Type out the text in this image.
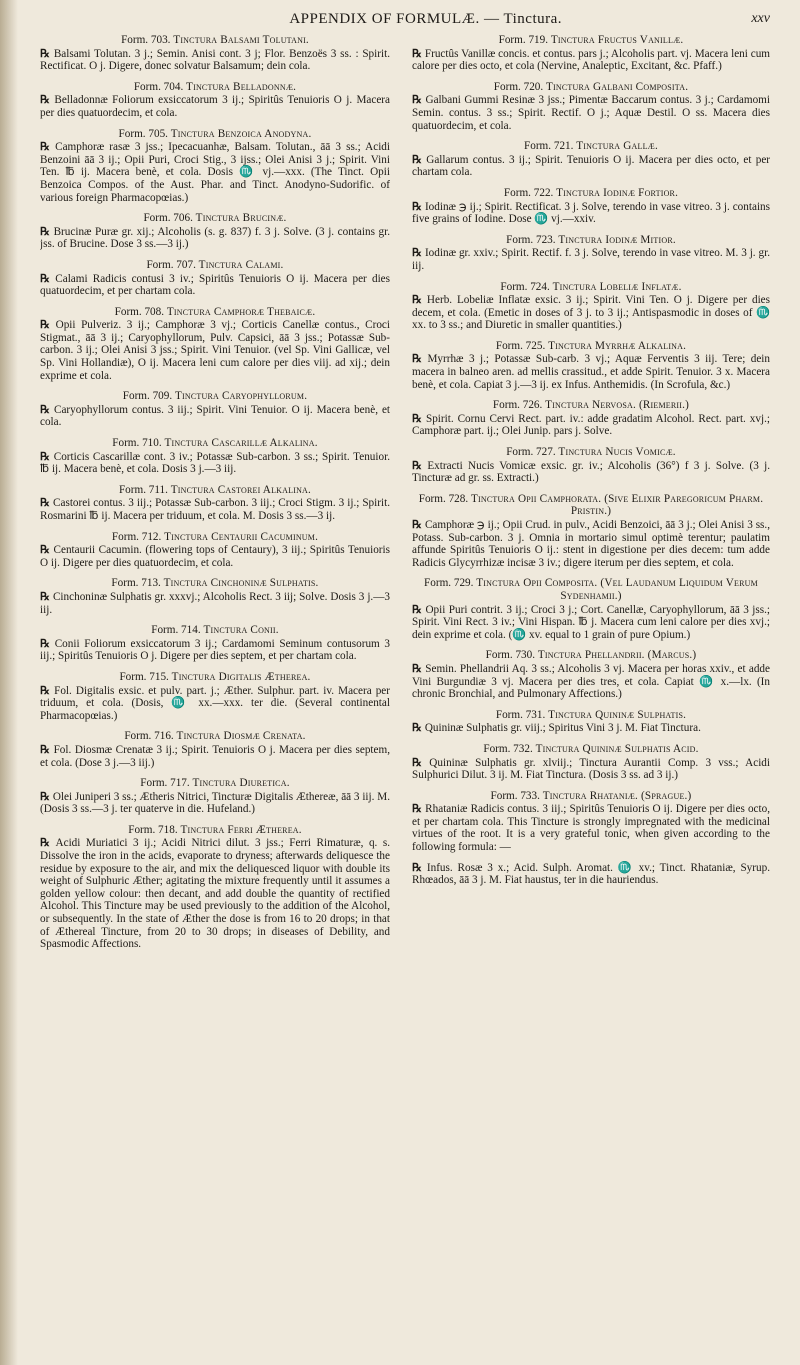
APPENDIX OF FORMULÆ. — Tinctura.	xxv
Form. 703. Tinctura Balsami Tolutani.
℞ Balsami Tolutan. 3 j.; Semin. Anisi cont. 3 j; Flor. Benzoës 3 ss. : Spirit. Rectificat. O j. Digere, donec solvatur Balsamum; dein cola.
Form. 704. Tinctura Belladonnæ.
℞ Belladonnæ Foliorum exsiccatorum 3 ij.; Spiritûs Tenuioris O j. Macera per dies quatuordecim, et cola.
Form. 705. Tinctura Benzoica Anodyna.
℞ Camphoræ rasæ 3 jss.; Ipecacuanhæ, Balsam. Tolutan., āā 3 ss.; Acidi Benzoini āā 3 ij.; Opii Puri, Croci Stig., 3 ijss.; Olei Anisi 3 j.; Spirit. Vini Ten. ℔ ij. Macera benè, et cola. Dosis ♏ vj.—xxx. (The Tinct. Opii Benzoica Compos. of the Aust. Phar. and Tinct. Anodyno-Sudorific. of various foreign Pharmacopœias.)
Form. 706. Tinctura Brucinæ.
℞ Brucinæ Puræ gr. xij.; Alcoholis (s. g. 837) f. 3 j. Solve. (3 j. contains gr. jss. of Brucine. Dose 3 ss.—3 ij.)
Form. 707. Tinctura Calami.
℞ Calami Radicis contusi 3 iv.; Spiritûs Tenuioris O ij. Macera per dies quatuordecim, et per chartam cola.
Form. 708. Tinctura Camphoræ Thebaicæ.
℞ Opii Pulveriz. 3 ij.; Camphoræ 3 vj.; Corticis Canellæ contus., Croci Stigmat., āā 3 ij.; Caryophyllorum, Pulv. Capsici, āā 3 jss.; Potassæ Sub-carbon. 3 ij.; Olei Anisi 3 jss.; Spirit. Vini Tenuior. (vel Sp. Vini Gallicæ, vel Sp. Vini Hollandiæ), O ij. Macera leni cum calore per dies viij. ad xij.; dein exprime et cola.
Form. 709. Tinctura Caryophyllorum.
℞ Caryophyllorum contus. 3 iij.; Spirit. Vini Tenuior. O ij. Macera benè, et cola.
Form. 710. Tinctura Cascarillæ Alkalina.
℞ Corticis Cascarillæ cont. 3 iv.; Potassæ Sub-carbon. 3 ss.; Spirit. Tenuior. ℔ ij. Macera benè, et cola. Dosis 3 j.—3 iij.
Form. 711. Tinctura Castorei Alkalina.
℞ Castorei contus. 3 iij.; Potassæ Sub-carbon. 3 iij.; Croci Stigm. 3 ij.; Spirit. Rosmarini ℔ ij. Macera per triduum, et cola. M. Dosis 3 ss.—3 ij.
Form. 712. Tinctura Centaurii Cacuminum.
℞ Centaurii Cacumin. (flowering tops of Centaury), 3 iij.; Spiritûs Tenuioris O ij. Digere per dies quatuordecim, et cola.
Form. 713. Tinctura Cinchoninæ Sulphatis.
℞ Cinchoninæ Sulphatis gr. xxxvj.; Alcoholis Rect. 3 iij; Solve. Dosis 3 j.—3 iij.
Form. 714. Tinctura Conii.
℞ Conii Foliorum exsiccatorum 3 ij.; Cardamomi Seminum contusorum 3 iij.; Spiritûs Tenuioris O j. Digere per dies septem, et per chartam cola.
Form. 715. Tinctura Digitalis Ætherea.
℞ Fol. Digitalis exsic. et pulv. part. j.; Æther. Sulphur. part. iv. Macera per triduum, et cola. (Dosis, ♏ xx.—xxx. ter die. (Several continental Pharmacopœias.)
Form. 716. Tinctura Diosmæ Crenata.
℞ Fol. Diosmæ Crenatæ 3 ij.; Spirit. Tenuioris O j. Macera per dies septem, et cola. (Dose 3 j.—3 iij.)
Form. 717. Tinctura Diuretica.
℞ Olei Juniperi 3 ss.; Ætheris Nitrici, Tincturæ Digitalis Æthereæ, āā 3 iij. M. (Dosis 3 ss.—3 j. ter quaterve in die. Hufeland.)
Form. 718. Tinctura Ferri Ætherea.
℞ Acidi Muriatici 3 ij.; Acidi Nitrici dilut. 3 jss.; Ferri Rimaturæ, q. s. Dissolve the iron in the acids, evaporate to dryness; afterwards deliquesce the residue by exposure to the air, and mix the deliquesced liquor with double its weight of Sulphuric Æther; agitating the mixture frequently until it assumes a golden yellow colour: then decant, and add double the quantity of rectified Alcohol. This Tincture may be used previously to the addition of the Alcohol, or subsequently. In the state of Æther the dose is from 16 to 20 drops; in that of Æthereal Tincture, from 20 to 30 drops; in diseases of Debility, and Spasmodic Affections.
Form. 719. Tinctura Fructus Vanillæ.
℞ Fructûs Vanillæ concis. et contus. pars j.; Alcoholis part. vj. Macera leni cum calore per dies octo, et cola (Nervine, Analeptic, Excitant, &c. Pfaff.)
Form. 720. Tinctura Galbani Composita.
℞ Galbani Gummi Resinæ 3 jss.; Pimentæ Baccarum contus. 3 j.; Cardamomi Semin. contus. 3 ss.; Spirit. Rectif. O j.; Aquæ Destil. O ss. Macera dies quatuordecim, et cola.
Form. 721. Tinctura Gallæ.
℞ Gallarum contus. 3 ij.; Spirit. Tenuioris O ij. Macera per dies octo, et per chartam cola.
Form. 722. Tinctura Iodinæ Fortior.
℞ Iodinæ ℈ ij.; Spirit. Rectificat. 3 j. Solve, terendo in vase vitreo. 3 j. contains five grains of Iodine. Dose ♏ vj.—xxiv.
Form. 723. Tinctura Iodinæ Mitior.
℞ Iodinæ gr. xxiv.; Spirit. Rectif. f. 3 j. Solve, terendo in vase vitreo. M. 3 j. gr. iij.
Form. 724. Tinctura Lobeliæ Inflatæ.
℞ Herb. Lobeliæ Inflatæ exsic. 3 ij.; Spirit. Vini Ten. O j. Digere per dies decem, et cola. (Emetic in doses of 3 j. to 3 ij.; Antispasmodic in doses of ♏ xx. to 3 ss.; and Diuretic in smaller quantities.)
Form. 725. Tinctura Myrrhæ Alkalina.
℞ Myrrhæ 3 j.; Potassæ Sub-carb. 3 vj.; Aquæ Ferventis 3 iij. Tere; dein macera in balneo aren. ad mellis crassitud., et adde Spirit. Tenuior. 3 x. Macera benè, et cola. Capiat 3 j.—3 ij. ex Infus. Anthemidis. (In Scrofula, &c.)
Form. 726. Tinctura Nervosa. (Riemerii.)
℞ Spirit. Cornu Cervi Rect. part. iv.: adde gradatim Alcohol. Rect. part. xvj.; Camphoræ part. ij.; Olei Junip. pars j. Solve.
Form. 727. Tinctura Nucis Vomicæ.
℞ Extracti Nucis Vomicæ exsic. gr. iv.; Alcoholis (36°) f 3 j. Solve. (3 j. Tincturæ ad gr. ss. Extracti.)
Form. 728. Tinctura Opii Camphorata. (Sive Elixir Paregoricum Pharm. Pristin.)
℞ Camphoræ ℈ ij.; Opii Crud. in pulv., Acidi Benzoici, āā 3 j.; Olei Anisi 3 ss., Potass. Sub-carbon. 3 j. Omnia in mortario simul optimè terentur; paulatim affunde Spiritûs Tenuioris O ij.: stent in digestione per dies decem: tum adde Radicis Glycyrrhizæ incisæ 3 iv.; digere iterum per dies septem, et cola.
Form. 729. Tinctura Opii Composita. (Vel Laudanum Liquidum Verum Sydenhamii.)
℞ Opii Puri contrit. 3 ij.; Croci 3 j.; Cort. Canellæ, Caryophyllorum, āā 3 jss.; Spirit. Vini Rect. 3 iv.; Vini Hispan. ℔ j. Macera cum leni calore per dies xvj.; dein exprime et cola. (♏ xv. equal to 1 grain of pure Opium.)
Form. 730. Tinctura Phellandrii. (Marcus.)
℞ Semin. Phellandrii Aq. 3 ss.; Alcoholis 3 vj. Macera per horas xxiv., et adde Vini Burgundiæ 3 vj. Macera per dies tres, et cola. Capiat ♏ x.—lx. (In chronic Bronchial, and Pulmonary Affections.)
Form. 731. Tinctura Quininæ Sulphatis.
℞ Quininæ Sulphatis gr. viij.; Spiritus Vini 3 j. M. Fiat Tinctura.
Form. 732. Tinctura Quininæ Sulphatis Acid.
℞ Quininæ Sulphatis gr. xlviij.; Tinctura Aurantii Comp. 3 vss.; Acidi Sulphurici Dilut. 3 ij. M. Fiat Tinctura. (Dosis 3 ss. ad 3 ij.)
Form. 733. Tinctura Rhataniæ. (Sprague.)
℞ Rhataniæ Radicis contus. 3 iij.; Spiritûs Tenuioris O ij. Digere per dies octo, et per chartam cola. This Tincture is strongly impregnated with the medicinal virtues of the root. It is a very grateful tonic, when given according to the following formula: —
℞ Infus. Rosæ 3 x.; Acid. Sulph. Aromat. ♏ xv.; Tinct. Rhataniæ, Syrup. Rhœados, āā 3 j. M. Fiat haustus, ter in die hauriendus.
